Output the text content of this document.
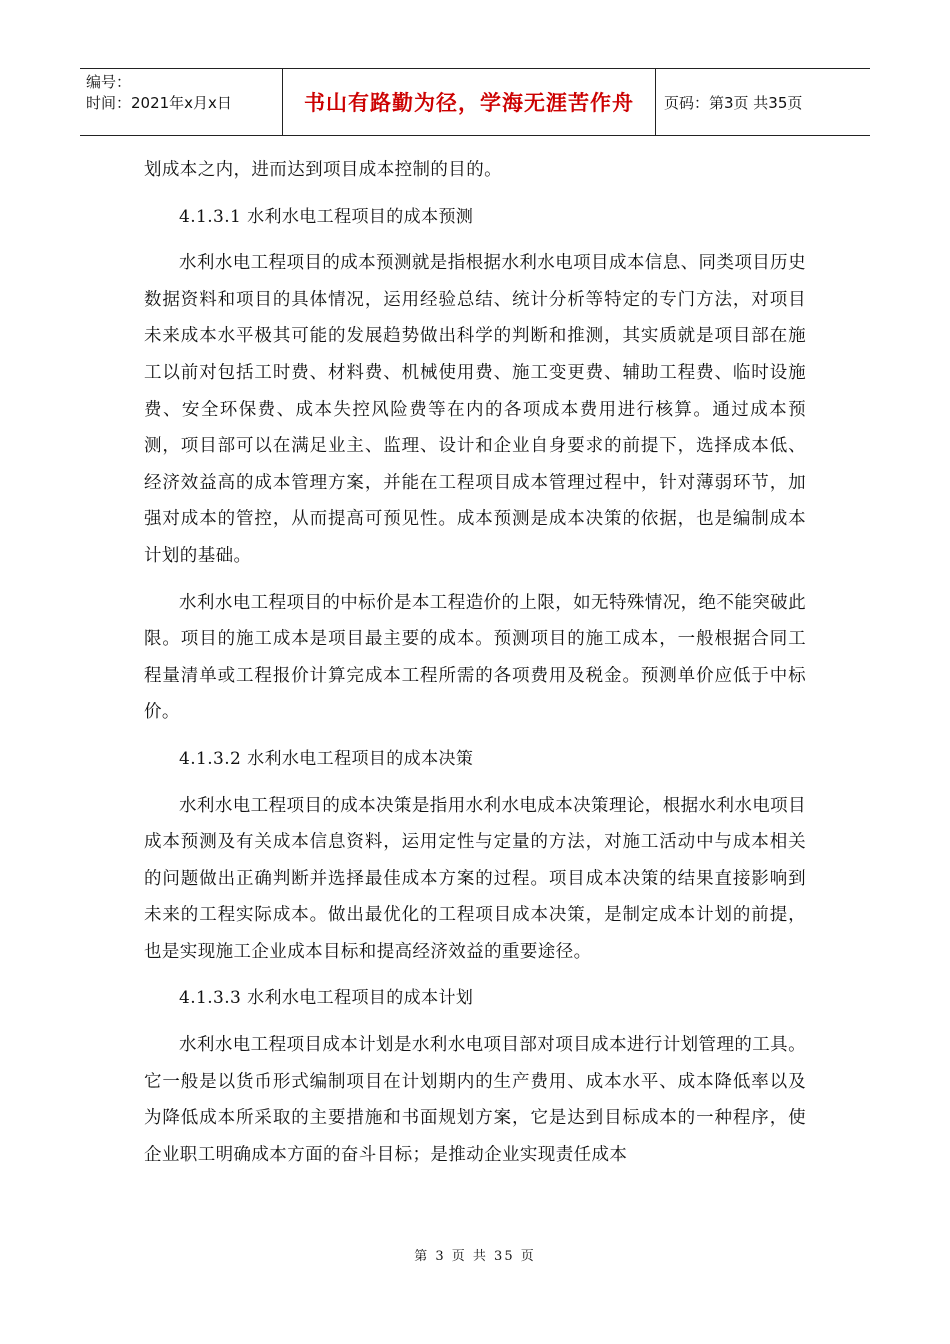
编号：
时间：2021年x月x日	书山有路勤为径，学海无涯苦作舟	页码：第3页 共35页

划成本之内，进而达到项目成本控制的目的。

4.1.3.1 水利水电工程项目的成本预测

水利水电工程项目的成本预测就是指根据水利水电项目成本信息、同类项目历史数据资料和项目的具体情况，运用经验总结、统计分析等特定的专门方法，对项目未来成本水平极其可能的发展趋势做出科学的判断和推测，其实质就是项目部在施工以前对包括工时费、材料费、机械使用费、施工变更费、辅助工程费、临时设施费、安全环保费、成本失控风险费等在内的各项成本费用进行核算。通过成本预测，项目部可以在满足业主、监理、设计和企业自身要求的前提下，选择成本低、经济效益高的成本管理方案，并能在工程项目成本管理过程中，针对薄弱环节，加强对成本的管控，从而提高可预见性。成本预测是成本决策的依据，也是编制成本计划的基础。

水利水电工程项目的中标价是本工程造价的上限，如无特殊情况，绝不能突破此限。项目的施工成本是项目最主要的成本。预测项目的施工成本，一般根据合同工程量清单或工程报价计算完成本工程所需的各项费用及税金。预测单价应低于中标价。

4.1.3.2 水利水电工程项目的成本决策

水利水电工程项目的成本决策是指用水利水电成本决策理论，根据水利水电项目成本预测及有关成本信息资料，运用定性与定量的方法，对施工活动中与成本相关的问题做出正确判断并选择最佳成本方案的过程。项目成本决策的结果直接影响到未来的工程实际成本。做出最优化的工程项目成本决策，是制定成本计划的前提，也是实现施工企业成本目标和提高经济效益的重要途径。

4.1.3.3 水利水电工程项目的成本计划

水利水电工程项目成本计划是水利水电项目部对项目成本进行计划管理的工具。它一般是以货币形式编制项目在计划期内的生产费用、成本水平、成本降低率以及为降低成本所采取的主要措施和书面规划方案，它是达到目标成本的一种程序，使企业职工明确成本方面的奋斗目标；是推动企业实现责任成本

第 3 页 共 35 页
